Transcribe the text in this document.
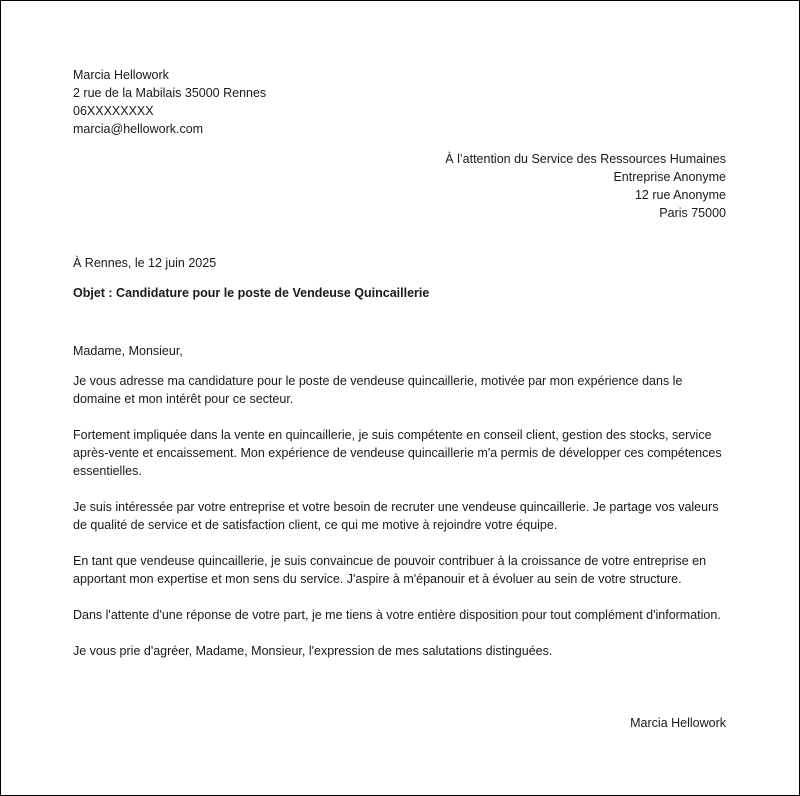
Marcia Hellowork
2 rue de la Mabilais 35000 Rennes
06XXXXXXXX
marcia@hellowork.com
À l’attention du Service des Ressources Humaines
Entreprise Anonyme
12 rue Anonyme
Paris 75000
À Rennes, le 12 juin 2025
Objet : Candidature pour le poste de Vendeuse Quincaillerie

Madame, Monsieur,

Je vous adresse ma candidature pour le poste de vendeuse quincaillerie, motivée par mon expérience dans le domaine et mon intérêt pour ce secteur.

Fortement impliquée dans la vente en quincaillerie, je suis compétente en conseil client, gestion des stocks, service après-vente et encaissement. Mon expérience de vendeuse quincaillerie m'a permis de développer ces compétences essentielles.

Je suis intéressée par votre entreprise et votre besoin de recruter une vendeuse quincaillerie. Je partage vos valeurs de qualité de service et de satisfaction client, ce qui me motive à rejoindre votre équipe.

En tant que vendeuse quincaillerie, je suis convaincue de pouvoir contribuer à la croissance de votre entreprise en apportant mon expertise et mon sens du service. J'aspire à m'épanouir et à évoluer au sein de votre structure.

Dans l'attente d'une réponse de votre part, je me tiens à votre entière disposition pour tout complément d'information.

Je vous prie d'agréer, Madame, Monsieur, l'expression de mes salutations distinguées.

Marcia Hellowork
